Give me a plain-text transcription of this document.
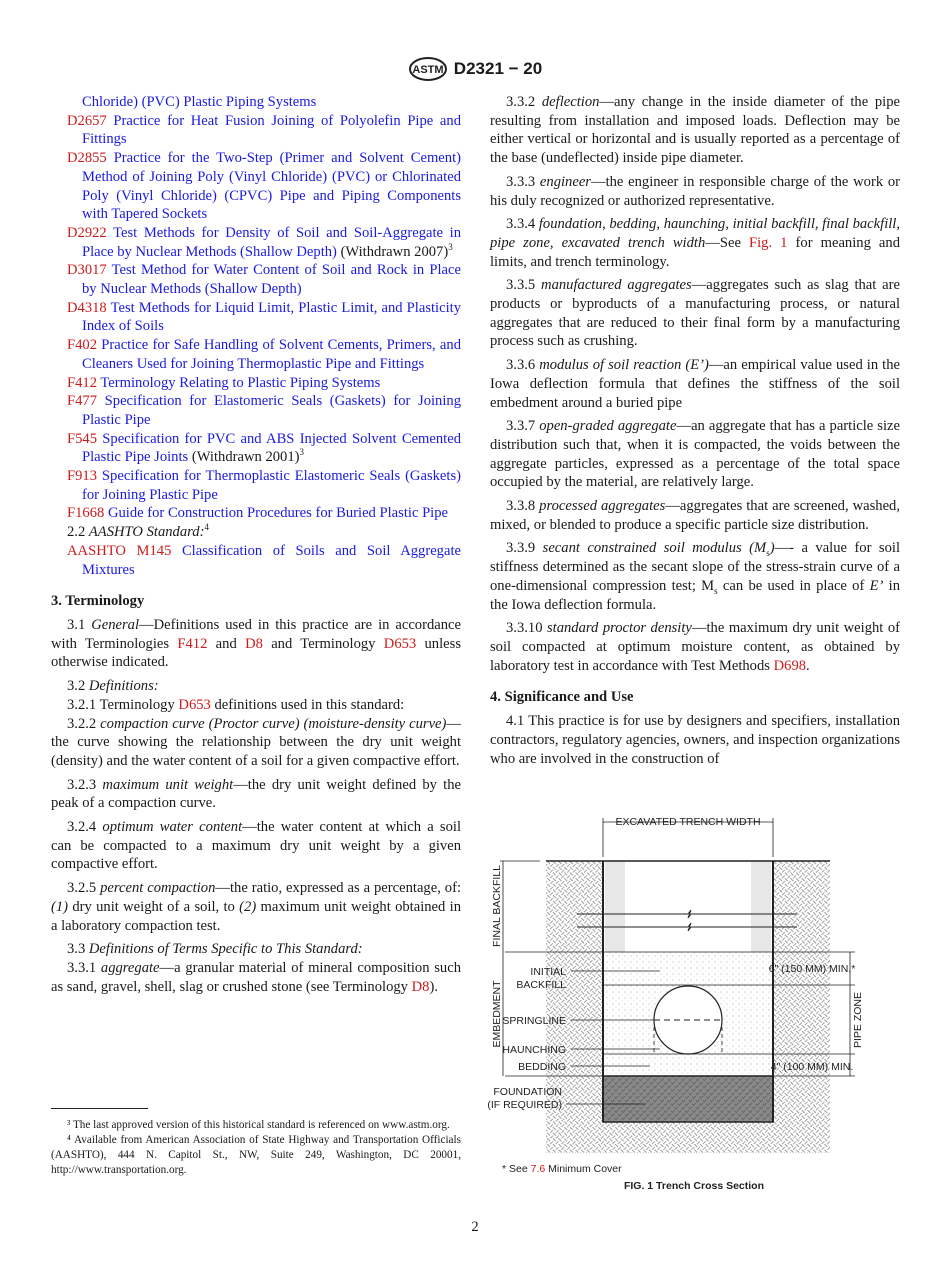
ASTM D2321 − 20

Chloride) (PVC) Plastic Piping Systems

D2657 Practice for Heat Fusion Joining of Polyolefin Pipe and Fittings

D2855 Practice for the Two-Step (Primer and Solvent Cement) Method of Joining Poly (Vinyl Chloride) (PVC) or Chlorinated Poly (Vinyl Chloride) (CPVC) Pipe and Piping Components with Tapered Sockets

D2922 Test Methods for Density of Soil and Soil-Aggregate in Place by Nuclear Methods (Shallow Depth) (Withdrawn 2007)$^3$

D3017 Test Method for Water Content of Soil and Rock in Place by Nuclear Methods (Shallow Depth)

D4318 Test Methods for Liquid Limit, Plastic Limit, and Plasticity Index of Soils

F402 Practice for Safe Handling of Solvent Cements, Primers, and Cleaners Used for Joining Thermoplastic Pipe and Fittings

F412 Terminology Relating to Plastic Piping Systems

F477 Specification for Elastomeric Seals (Gaskets) for Joining Plastic Pipe

F545 Specification for PVC and ABS Injected Solvent Cemented Plastic Pipe Joints (Withdrawn 2001)$^3$

F913 Specification for Thermoplastic Elastomeric Seals (Gaskets) for Joining Plastic Pipe

F1668 Guide for Construction Procedures for Buried Plastic Pipe

2.2 AASHTO Standard:$^4$

AASHTO M145 Classification of Soils and Soil Aggregate Mixtures

3. Terminology

3.1 General—Definitions used in this practice are in accordance with Terminologies F412 and D8 and Terminology D653 unless otherwise indicated.

3.2 Definitions:

3.2.1 Terminology D653 definitions used in this standard:

3.2.2 compaction curve (Proctor curve) (moisture-density curve)—the curve showing the relationship between the dry unit weight (density) and the water content of a soil for a given compactive effort.

3.2.3 maximum unit weight—the dry unit weight defined by the peak of a compaction curve.

3.2.4 optimum water content—the water content at which a soil can be compacted to a maximum dry unit weight by a given compactive effort.

3.2.5 percent compaction—the ratio, expressed as a percentage, of: (1) dry unit weight of a soil, to (2) maximum unit weight obtained in a laboratory compaction test.

3.3 Definitions of Terms Specific to This Standard:

3.3.1 aggregate—a granular material of mineral composition such as sand, gravel, shell, slag or crushed stone (see Terminology D8).

3.3.2 deflection—any change in the inside diameter of the pipe resulting from installation and imposed loads. Deflection may be either vertical or horizontal and is usually reported as a percentage of the base (undeflected) inside pipe diameter.

3.3.3 engineer—the engineer in responsible charge of the work or his duly recognized or authorized representative.

3.3.4 foundation, bedding, haunching, initial backfill, final backfill, pipe zone, excavated trench width—See Fig. 1 for meaning and limits, and trench terminology.

3.3.5 manufactured aggregates—aggregates such as slag that are products or byproducts of a manufacturing process, or natural aggregates that are reduced to their final form by a manufacturing process such as crushing.

3.3.6 modulus of soil reaction (E’)—an empirical value used in the Iowa deflection formula that defines the stiffness of the soil embedment around a buried pipe

3.3.7 open-graded aggregate—an aggregate that has a particle size distribution such that, when it is compacted, the voids between the aggregate particles, expressed as a percentage of the total space occupied by the material, are relatively large.

3.3.8 processed aggregates—aggregates that are screened, washed, mixed, or blended to produce a specific particle size distribution.

3.3.9 secant constrained soil modulus $(M_s)—-$ a value for soil stiffness determined as the secant slope of the stress-strain curve of a one-dimensional compression test; $M_s$ can be used in place of E’ in the Iowa deflection formula.

3.3.10 standard proctor density—the maximum dry unit weight of soil compacted at optimum moisture content, as obtained by laboratory test in accordance with Test Methods D698.

4. Significance and Use

4.1 This practice is for use by designers and specifiers, installation contractors, regulatory agencies, owners, and inspection organizations who are involved in the construction of

³ The last approved version of this historical standard is referenced on www.astm.org.

⁴ Available from American Association of State Highway and Transportation Officials (AASHTO), 444 N. Capitol St., NW, Suite 249, Washington, DC 20001, http://www.transportation.org.

EXCAVATED TRENCH WIDTH
FINAL BACKFILL
EMBEDMENT
INITIAL
BACKFILL
SPRINGLINE
HAUNCHING
BEDDING
FOUNDATION
(IF REQUIRED)
6" (150 MM) MIN.*
PIPE ZONE
4" (100 MM) MIN.
* See 7.6 Minimum Cover
FIG. 1 Trench Cross Section
2
